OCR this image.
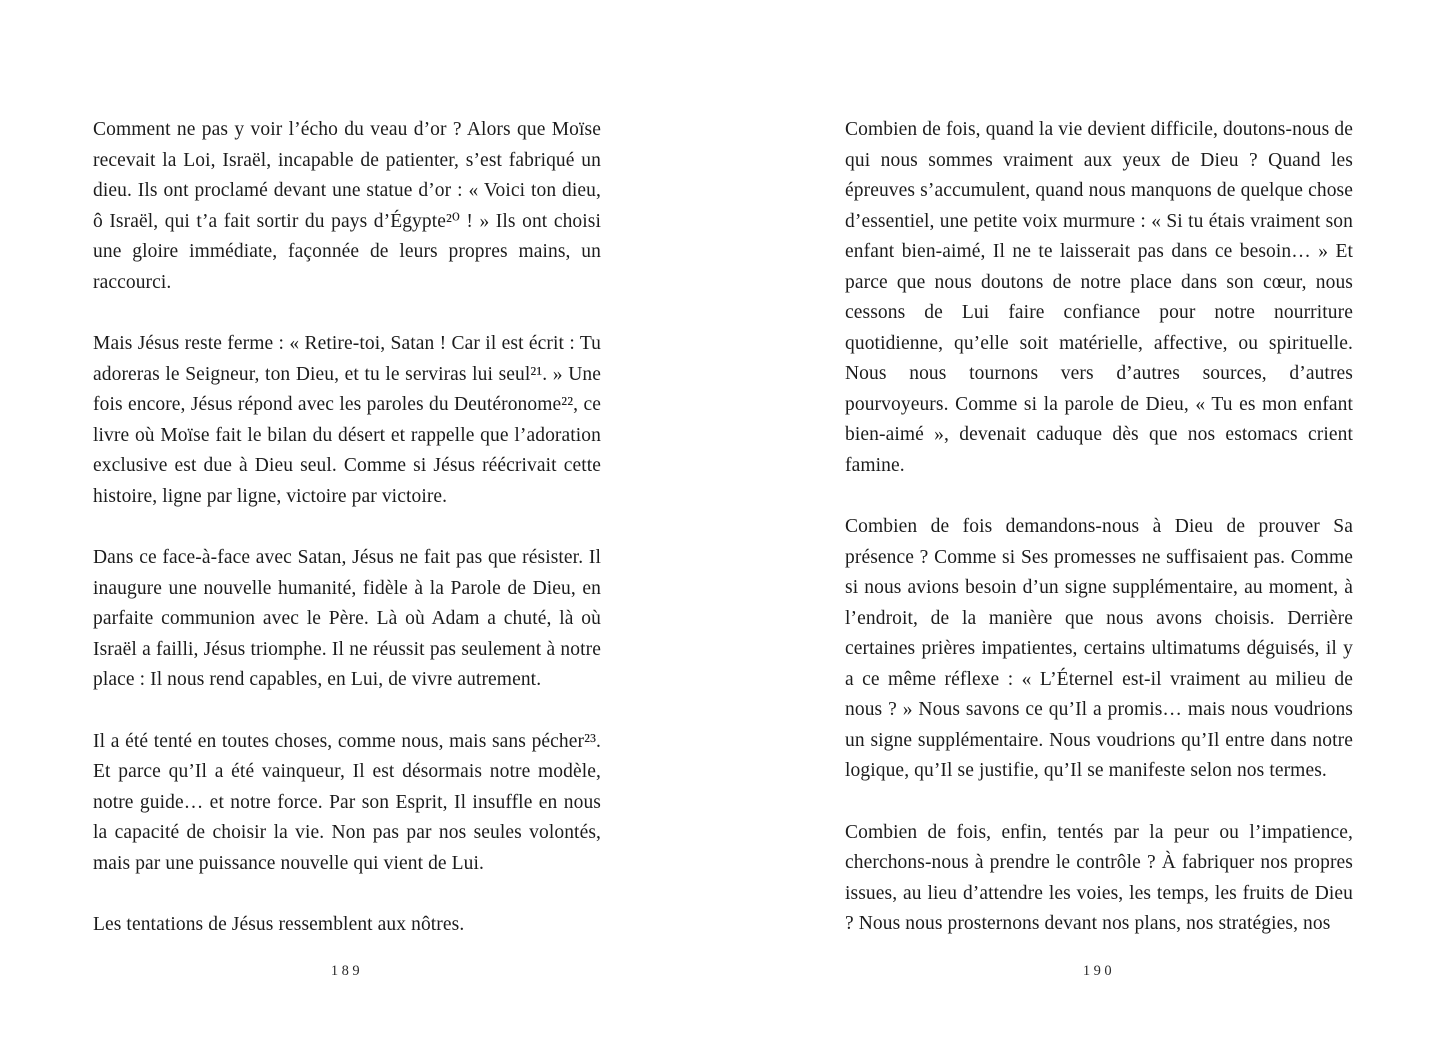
Comment ne pas y voir l’écho du veau d’or ? Alors que Moïse recevait la Loi, Israël, incapable de patienter, s’est fabriqué un dieu. Ils ont proclamé devant une statue d’or : « Voici ton dieu, ô Israël, qui t’a fait sortir du pays d’Égypte²⁰ ! » Ils ont choisi une gloire immédiate, façonnée de leurs propres mains, un raccourci.

Mais Jésus reste ferme : « Retire-toi, Satan ! Car il est écrit : Tu adoreras le Seigneur, ton Dieu, et tu le serviras lui seul²¹. » Une fois encore, Jésus répond avec les paroles du Deutéronome²², ce livre où Moïse fait le bilan du désert et rappelle que l’adoration exclusive est due à Dieu seul. Comme si Jésus réécrivait cette histoire, ligne par ligne, victoire par victoire.

Dans ce face-à-face avec Satan, Jésus ne fait pas que résister. Il inaugure une nouvelle humanité, fidèle à la Parole de Dieu, en parfaite communion avec le Père. Là où Adam a chuté, là où Israël a failli, Jésus triomphe. Il ne réussit pas seulement à notre place : Il nous rend capables, en Lui, de vivre autrement.

Il a été tenté en toutes choses, comme nous, mais sans pécher²³. Et parce qu’Il a été vainqueur, Il est désormais notre modèle, notre guide… et notre force. Par son Esprit, Il insuffle en nous la capacité de choisir la vie. Non pas par nos seules volontés, mais par une puissance nouvelle qui vient de Lui.

Les tentations de Jésus ressemblent aux nôtres.

189

Combien de fois, quand la vie devient difficile, doutons-nous de qui nous sommes vraiment aux yeux de Dieu ? Quand les épreuves s’accumulent, quand nous manquons de quelque chose d’essentiel, une petite voix murmure : « Si tu étais vraiment son enfant bien-aimé, Il ne te laisserait pas dans ce besoin… » Et parce que nous doutons de notre place dans son cœur, nous cessons de Lui faire confiance pour notre nourriture quotidienne, qu’elle soit matérielle, affective, ou spirituelle. Nous nous tournons vers d’autres sources, d’autres pourvoyeurs. Comme si la parole de Dieu, « Tu es mon enfant bien-aimé », devenait caduque dès que nos estomacs crient famine.

Combien de fois demandons-nous à Dieu de prouver Sa présence ? Comme si Ses promesses ne suffisaient pas. Comme si nous avions besoin d’un signe supplémentaire, au moment, à l’endroit, de la manière que nous avons choisis. Derrière certaines prières impatientes, certains ultimatums déguisés, il y a ce même réflexe : « L’Éternel est-il vraiment au milieu de nous ? » Nous savons ce qu’Il a promis… mais nous voudrions un signe supplémentaire. Nous voudrions qu’Il entre dans notre logique, qu’Il se justifie, qu’Il se manifeste selon nos termes.

Combien de fois, enfin, tentés par la peur ou l’impatience, cherchons-nous à prendre le contrôle ? À fabriquer nos propres issues, au lieu d’attendre les voies, les temps, les fruits de Dieu ? Nous nous prosternons devant nos plans, nos stratégies, nos

190
